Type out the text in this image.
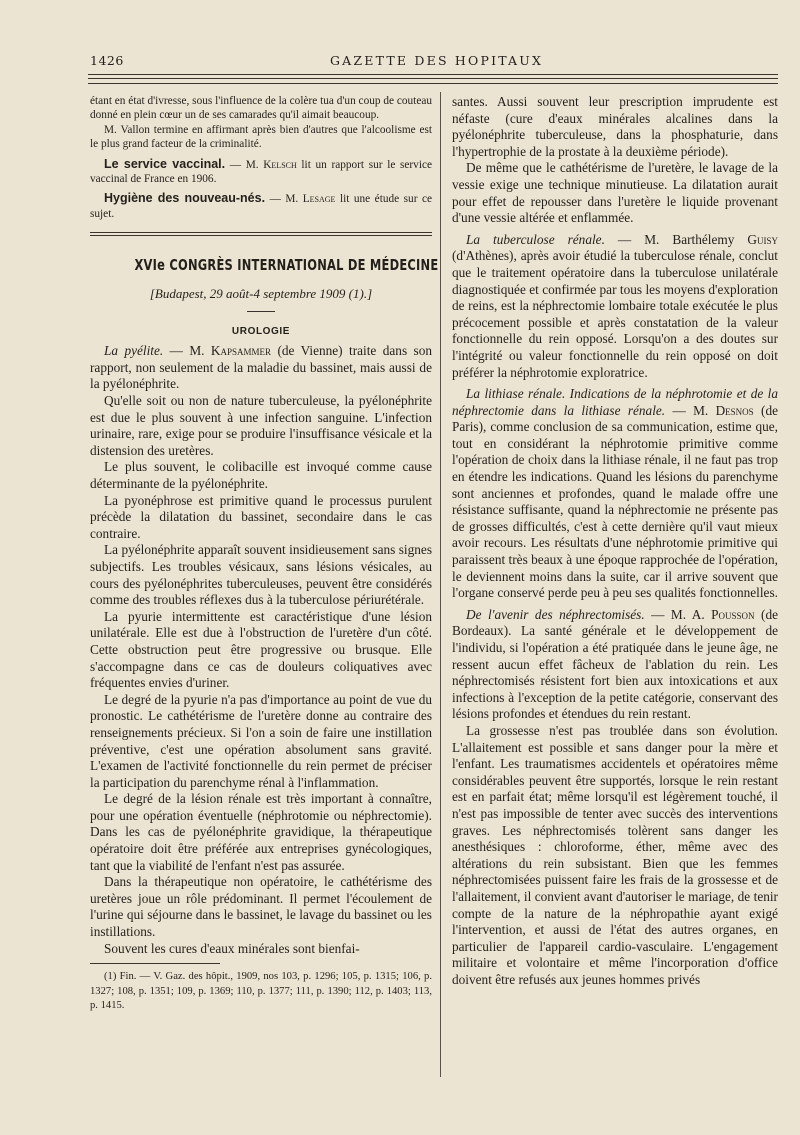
1426	GAZETTE DES HOPITAUX

étant en état d'ivresse, sous l'influence de la colère tua d'un coup de couteau donné en plein cœur un de ses camarades qu'il aimait beaucoup.

M. Vallon termine en affirmant après bien d'autres que l'alcoolisme est le plus grand facteur de la criminalité.

Le service vaccinal. — M. Kelsch lit un rapport sur le service vaccinal de France en 1906.

Hygiène des nouveau-nés. — M. Lesage lit une étude sur ce sujet.

XVIe CONGRÈS INTERNATIONAL DE MÉDECINE
[Budapest, 29 août-4 septembre 1909 (1).]
UROLOGIE

La pyélite. — M. Kapsammer (de Vienne) traite dans son rapport, non seulement de la maladie du bassinet, mais aussi de la pyélonéphrite.

Qu'elle soit ou non de nature tuberculeuse, la pyélonéphrite est due le plus souvent à une infection sanguine. L'infection urinaire, rare, exige pour se produire l'insuffisance vésicale et la distension des uretères.

Le plus souvent, le colibacille est invoqué comme cause déterminante de la pyélonéphrite.

La pyonéphrose est primitive quand le processus purulent précède la dilatation du bassinet, secondaire dans le cas contraire.

La pyélonéphrite apparaît souvent insidieusement sans signes subjectifs. Les troubles vésicaux, sans lésions vésicales, au cours des pyélonéphrites tuberculeuses, peuvent être considérés comme des troubles réflexes dus à la tuberculose périurétérale.

La pyurie intermittente est caractéristique d'une lésion unilatérale. Elle est due à l'obstruction de l'uretère d'un côté. Cette obstruction peut être progressive ou brusque. Elle s'accompagne dans ce cas de douleurs coliquatives avec fréquentes envies d'uriner.

Le degré de la pyurie n'a pas d'importance au point de vue du pronostic. Le cathétérisme de l'uretère donne au contraire des renseignements précieux. Si l'on a soin de faire une instillation préventive, c'est une opération absolument sans gravité. L'examen de l'activité fonctionnelle du rein permet de préciser la participation du parenchyme rénal à l'inflammation.

Le degré de la lésion rénale est très important à connaître, pour une opération éventuelle (néphrotomie ou néphrectomie). Dans les cas de pyélonéphrite gravidique, la thérapeutique opératoire doit être préférée aux entreprises gynécologiques, tant que la viabilité de l'enfant n'est pas assurée.

Dans la thérapeutique non opératoire, le cathétérisme des uretères joue un rôle prédominant. Il permet l'écoulement de l'urine qui séjourne dans le bassinet, le lavage du bassinet ou les instillations.

Souvent les cures d'eaux minérales sont bienfai-

(1) Fin. — V. Gaz. des hôpit., 1909, nos 103, p. 1296; 105, p. 1315; 106, p. 1327; 108, p. 1351; 109, p. 1369; 110, p. 1377; 111, p. 1390; 112, p. 1403; 113, p. 1415.

santes. Aussi souvent leur prescription imprudente est néfaste (cure d'eaux minérales alcalines dans la pyélonéphrite tuberculeuse, dans la phosphaturie, dans l'hypertrophie de la prostate à la deuxième période).

De même que le cathétérisme de l'uretère, le lavage de la vessie exige une technique minutieuse. La dilatation aurait pour effet de repousser dans l'uretère le liquide provenant d'une vessie altérée et enflammée.

La tuberculose rénale. — M. Barthélemy Guisy (d'Athènes), après avoir étudié la tuberculose rénale, conclut que le traitement opératoire dans la tuberculose unilatérale diagnostiquée et confirmée par tous les moyens d'exploration de reins, est la néphrectomie lombaire totale exécutée le plus précocement possible et après constatation de la valeur fonctionnelle du rein opposé. Lorsqu'on a des doutes sur l'intégrité ou valeur fonctionnelle du rein opposé on doit préférer la néphrotomie exploratrice.

La lithiase rénale. Indications de la néphrotomie et de la néphrectomie dans la lithiase rénale. — M. Desnos (de Paris), comme conclusion de sa communication, estime que, tout en considérant la néphrotomie primitive comme l'opération de choix dans la lithiase rénale, il ne faut pas trop en étendre les indications. Quand les lésions du parenchyme sont anciennes et profondes, quand le malade offre une résistance suffisante, quand la néphrectomie ne présente pas de grosses difficultés, c'est à cette dernière qu'il vaut mieux avoir recours. Les résultats d'une néphrotomie primitive qui paraissent très beaux à une époque rapprochée de l'opération, le deviennent moins dans la suite, car il arrive souvent que l'organe conservé perde peu à peu ses qualités fonctionnelles.

De l'avenir des néphrectomisés. — M. A. Pousson (de Bordeaux). La santé générale et le développement de l'individu, si l'opération a été pratiquée dans le jeune âge, ne ressent aucun effet fâcheux de l'ablation du rein. Les néphrectomisés résistent fort bien aux intoxications et aux infections à l'exception de la petite catégorie, conservant des lésions profondes et étendues du rein restant.

La grossesse n'est pas troublée dans son évolution. L'allaitement est possible et sans danger pour la mère et l'enfant. Les traumatismes accidentels et opératoires même considérables peuvent être supportés, lorsque le rein restant est en parfait état; même lorsqu'il est légèrement touché, il n'est pas impossible de tenter avec succès des interventions graves. Les néphrectomisés tolèrent sans danger les anesthésiques : chloroforme, éther, même avec des altérations du rein subsistant. Bien que les femmes néphrectomisées puissent faire les frais de la grossesse et de l'allaitement, il convient avant d'autoriser le mariage, de tenir compte de la nature de la néphropathie ayant exigé l'intervention, et aussi de l'état des autres organes, en particulier de l'appareil cardio-vasculaire. L'engagement militaire et volontaire et même l'incorporation d'office doivent être refusés aux jeunes hommes privés
